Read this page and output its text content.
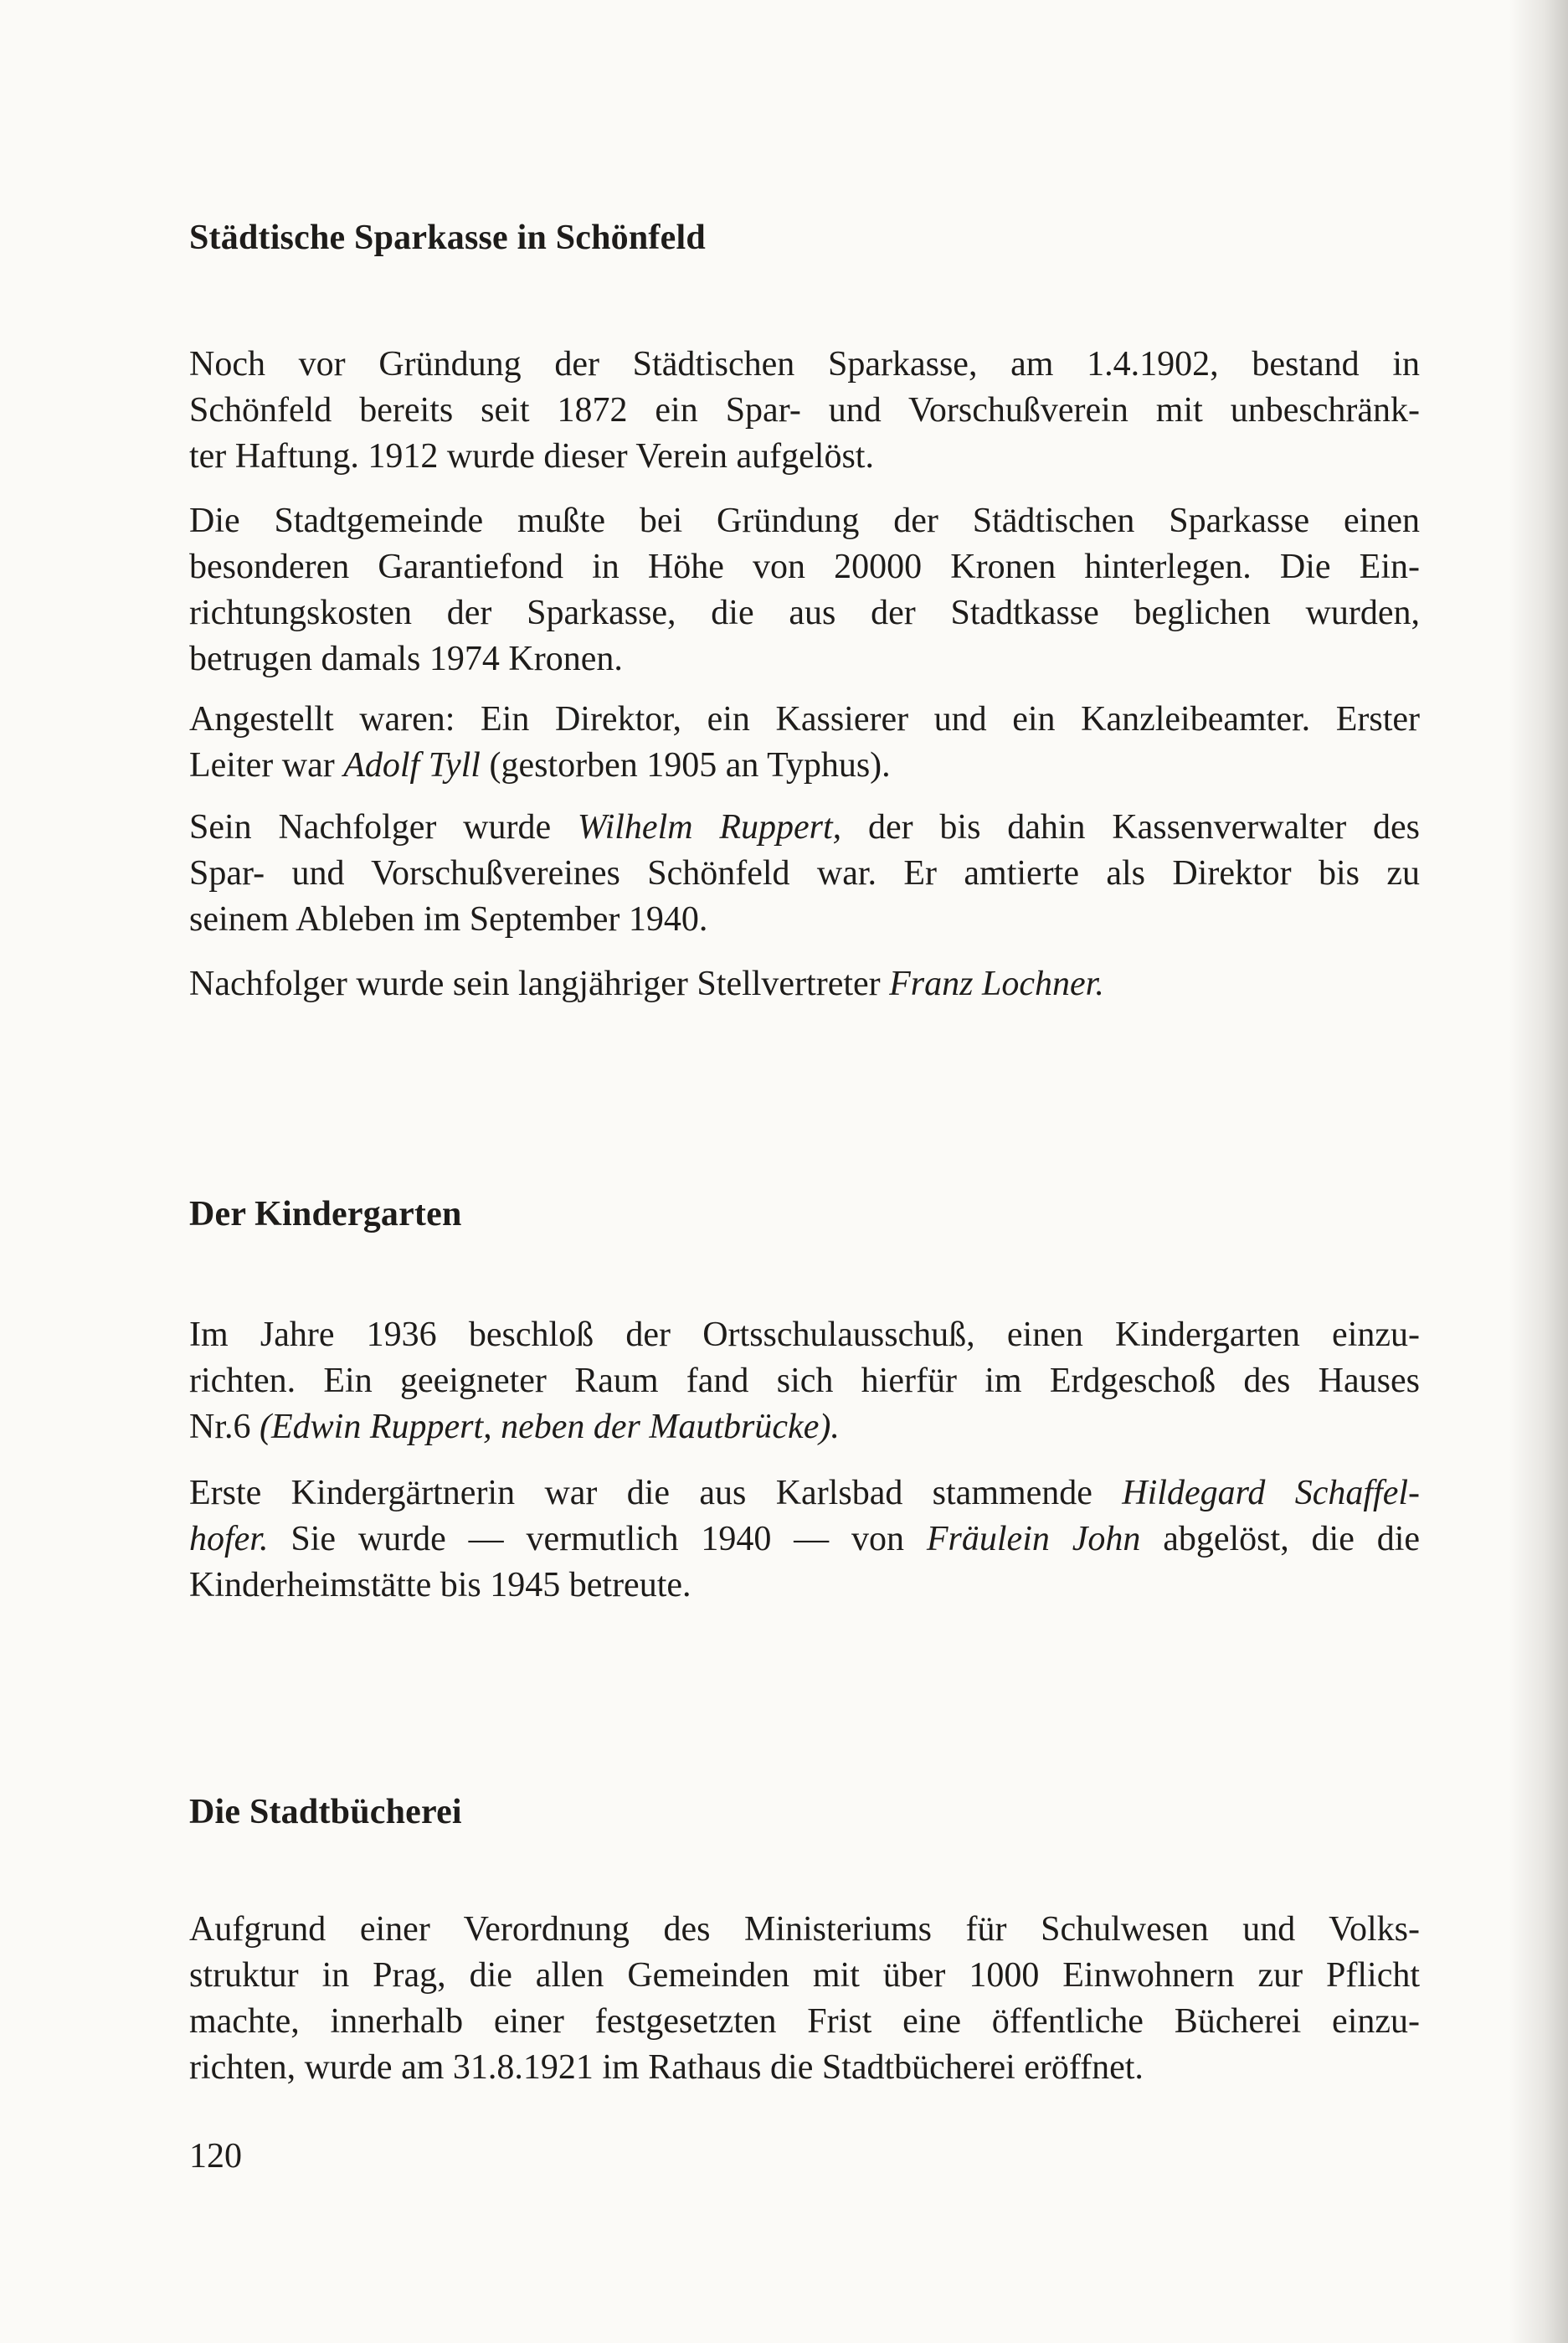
Städtische Sparkasse in Schönfeld
Noch vor Gründung der Städtischen Sparkasse, am 1.4.1902, bestand in
Schönfeld bereits seit 1872 ein Spar- und Vorschußverein mit unbeschränk-
ter Haftung. 1912 wurde dieser Verein aufgelöst.
Die Stadtgemeinde mußte bei Gründung der Städtischen Sparkasse einen
besonderen Garantiefond in Höhe von 20000 Kronen hinterlegen. Die Ein-
richtungskosten der Sparkasse, die aus der Stadtkasse beglichen wurden,
betrugen damals 1974 Kronen.
Angestellt waren: Ein Direktor, ein Kassierer und ein Kanzleibeamter. Erster
Leiter war Adolf Tyll (gestorben 1905 an Typhus).
Sein Nachfolger wurde Wilhelm Ruppert, der bis dahin Kassenverwalter des
Spar- und Vorschußvereines Schönfeld war. Er amtierte als Direktor bis zu
seinem Ableben im September 1940.
Nachfolger wurde sein langjähriger Stellvertreter Franz Lochner.
Der Kindergarten
Im Jahre 1936 beschloß der Ortsschulausschuß, einen Kindergarten einzu-
richten. Ein geeigneter Raum fand sich hierfür im Erdgeschoß des Hauses
Nr.6 (Edwin Ruppert, neben der Mautbrücke).
Erste Kindergärtnerin war die aus Karlsbad stammende Hildegard Schaffel-
hofer. Sie wurde — vermutlich 1940 — von Fräulein John abgelöst, die die
Kinderheimstätte bis 1945 betreute.
Die Stadtbücherei
Aufgrund einer Verordnung des Ministeriums für Schulwesen und Volks-
struktur in Prag, die allen Gemeinden mit über 1000 Einwohnern zur Pflicht
machte, innerhalb einer festgesetzten Frist eine öffentliche Bücherei einzu-
richten, wurde am 31.8.1921 im Rathaus die Stadtbücherei eröffnet.
120
